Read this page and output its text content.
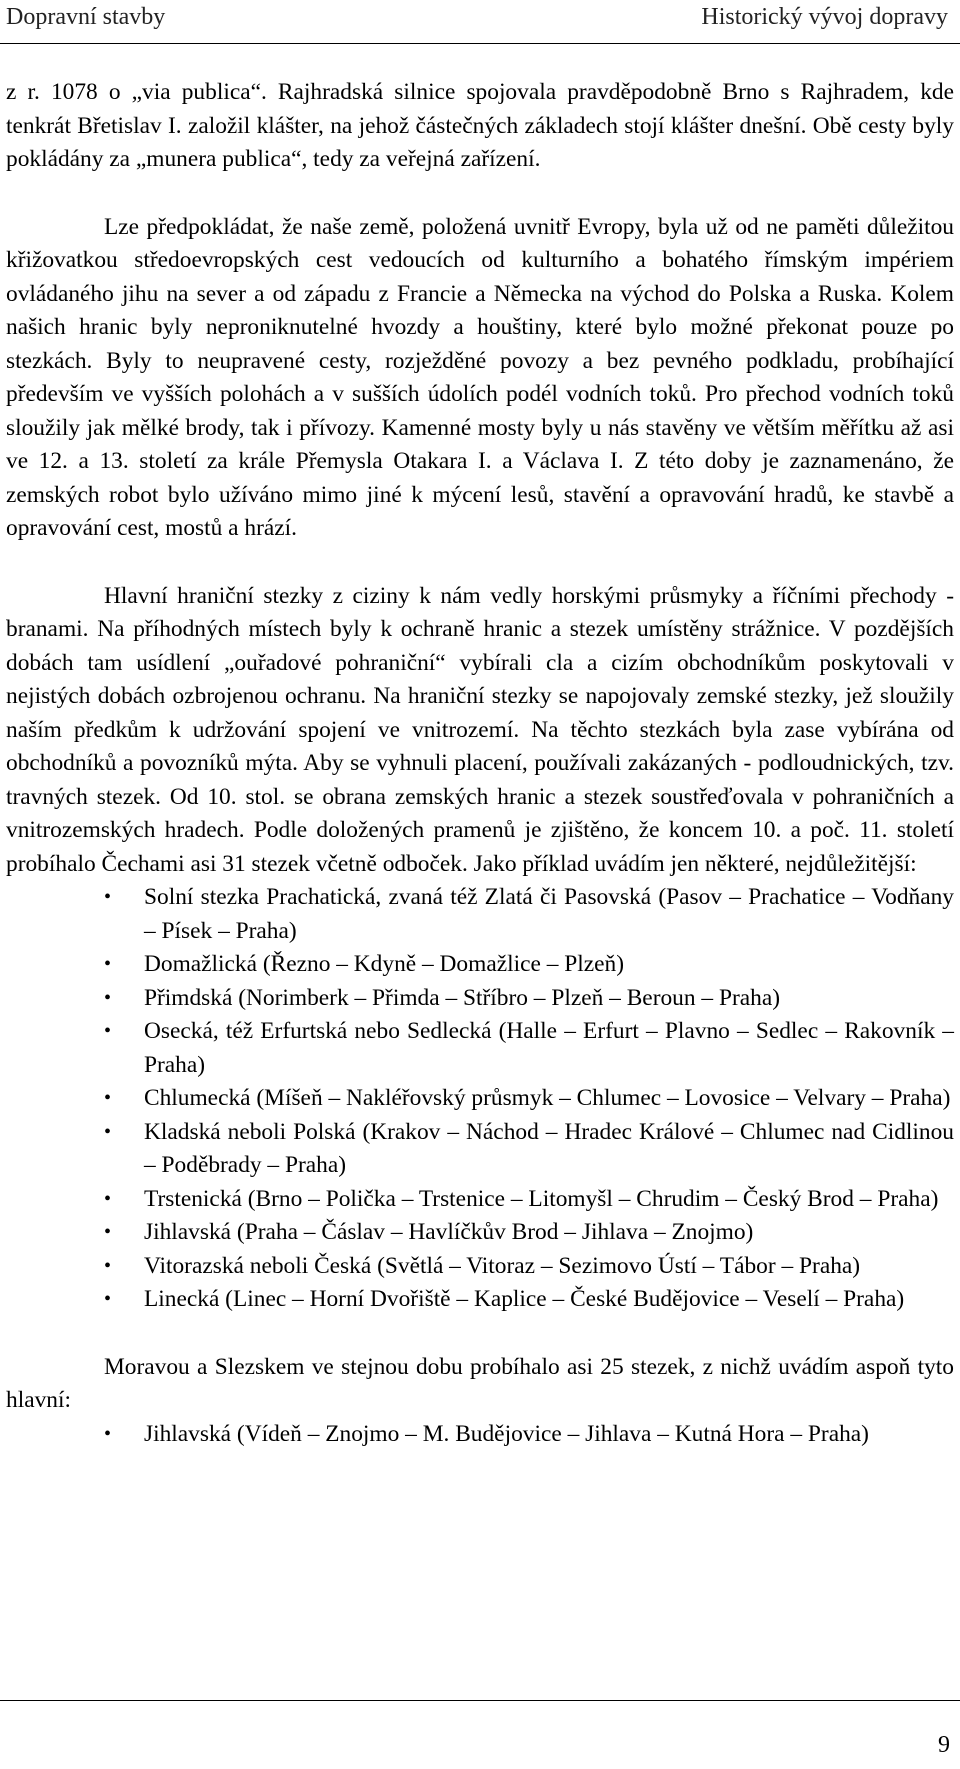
Dopravní stavby	Historický vývoj dopravy

z r. 1078 o „via publica“. Rajhradská silnice spojovala pravděpodobně Brno s Rajhradem, kde tenkrát Břetislav I. založil klášter, na jehož částečných základech stojí klášter dnešní. Obě cesty byly pokládány za „munera publica“, tedy za veřejná zařízení.

Lze předpokládat, že naše země, položená uvnitř Evropy, byla už od ne paměti důležitou křižovatkou středoevropských cest vedoucích od kulturního a bohatého římským impériem ovládaného jihu na sever a od západu z Francie a Německa na východ do Polska a Ruska. Kolem našich hranic byly neproniknutelné hvozdy a houštiny, které bylo možné překonat pouze po stezkách. Byly to neupravené cesty, rozježděné povozy a bez pevného podkladu, probíhající především ve vyšších polohách a v sušších údolích podél vodních toků. Pro přechod vodních toků sloužily jak mělké brody, tak i přívozy. Kamenné mosty byly u nás stavěny ve větším měřítku až asi ve 12. a 13. století za krále Přemysla Otakara I. a Václava I. Z této doby je zaznamenáno, že zemských robot bylo užíváno mimo jiné k mýcení lesů, stavění a opravování hradů, ke stavbě a opravování cest, mostů a hrází.

Hlavní hraniční stezky z ciziny k nám vedly horskými průsmyky a říčními přechody - branami. Na příhodných místech byly k ochraně hranic a stezek umístěny strážnice. V pozdějších dobách tam usídlení „ouřadové pohraniční“ vybírali cla a cizím obchodníkům poskytovali v nejistých dobách ozbrojenou ochranu. Na hraniční stezky se napojovaly zemské stezky, jež sloužily naším předkům k udržování spojení ve vnitrozemí. Na těchto stezkách byla zase vybírána od obchodníků a povozníků mýta. Aby se vyhnuli placení, používali zakázaných - podloudnických, tzv. travných stezek. Od 10. stol. se obrana zemských hranic a stezek soustřeďovala v pohraničních a vnitrozemských hradech. Podle doložených pramenů je zjištěno, že koncem 10. a poč. 11. století probíhalo Čechami asi 31 stezek včetně odboček. Jako příklad uvádím jen některé, nejdůležitější:

• Solní stezka Prachatická, zvaná též Zlatá či Pasovská (Pasov – Prachatice – Vodňany – Písek – Praha)
• Domažlická (Řezno – Kdyně – Domažlice – Plzeň)
• Přimdská (Norimberk – Přimda – Stříbro – Plzeň – Beroun – Praha)
• Osecká, též Erfurtská nebo Sedlecká (Halle – Erfurt – Plavno – Sedlec – Rakovník – Praha)
• Chlumecká (Míšeň – Nakléřovský průsmyk – Chlumec – Lovosice – Velvary – Praha)
• Kladská neboli Polská (Krakov – Náchod – Hradec Králové – Chlumec nad Cidlinou – Poděbrady – Praha)
• Trstenická (Brno – Polička – Trstenice – Litomyšl – Chrudim – Český Brod – Praha)
• Jihlavská (Praha – Čáslav – Havlíčkův Brod – Jihlava – Znojmo)
• Vitorazská neboli Česká (Světlá – Vitoraz – Sezimovo Ústí – Tábor – Praha)
• Linecká (Linec – Horní Dvořiště – Kaplice – České Budějovice – Veselí – Praha)

Moravou a Slezskem ve stejnou dobu probíhalo asi 25 stezek, z nichž uvádím aspoň tyto hlavní:

• Jihlavská (Vídeň – Znojmo – M. Budějovice – Jihlava – Kutná Hora – Praha)
9
